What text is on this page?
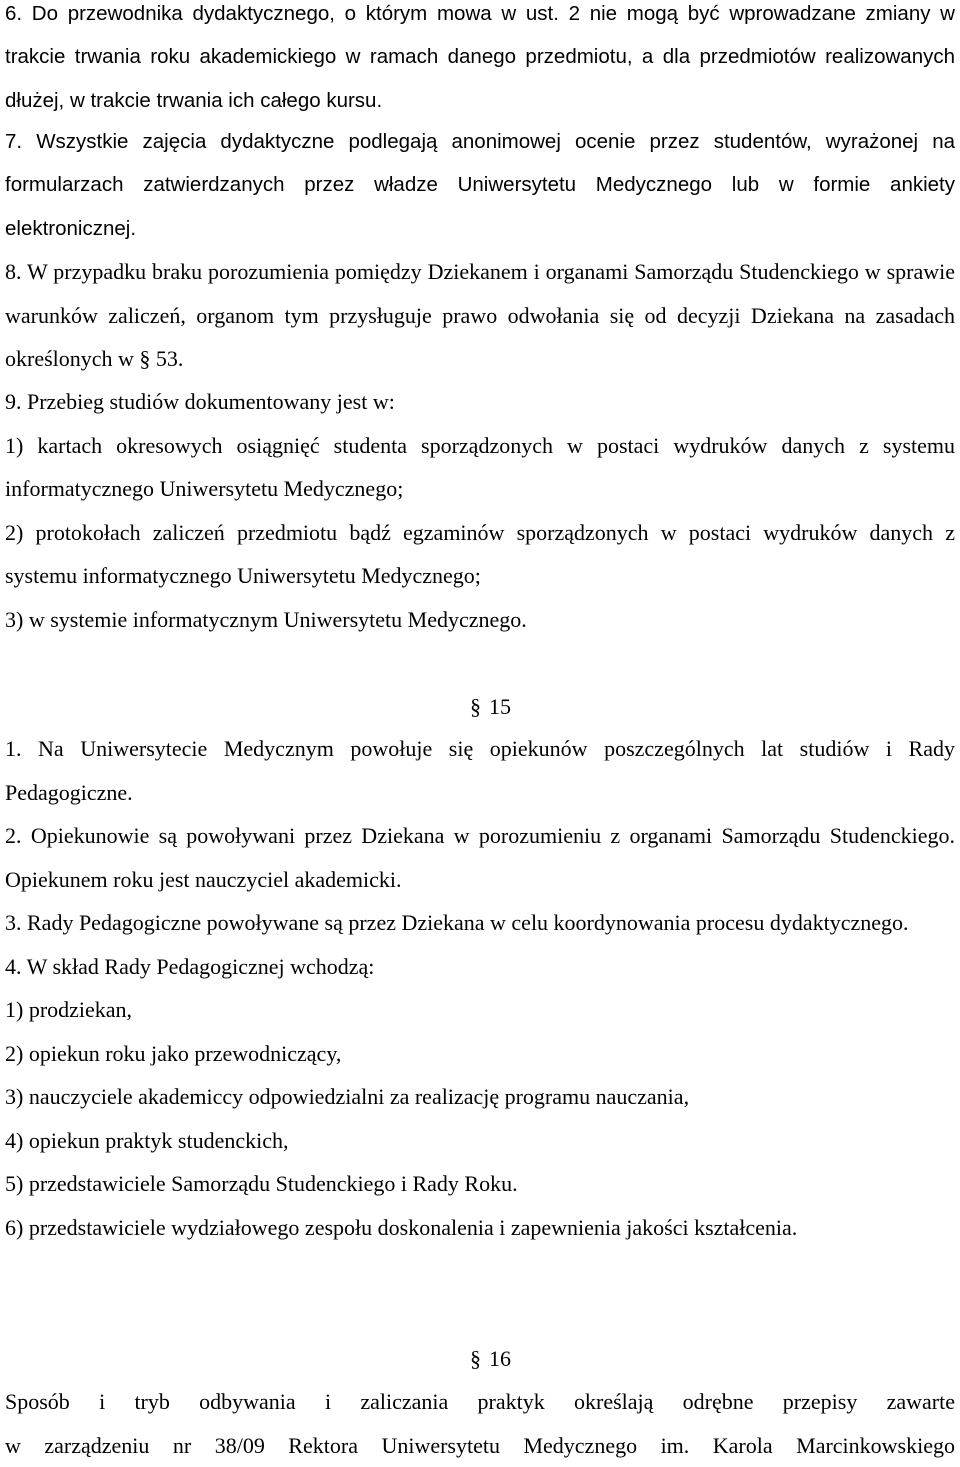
6. Do przewodnika dydaktycznego, o którym mowa w ust. 2 nie mogą być wprowadzane zmiany w trakcie trwania roku akademickiego w ramach danego przedmiotu, a dla przedmiotów realizowanych dłużej, w trakcie trwania ich całego kursu.
7. Wszystkie zajęcia dydaktyczne podlegają anonimowej ocenie przez studentów, wyrażonej na formularzach zatwierdzanych przez władze Uniwersytetu Medycznego lub w formie ankiety elektronicznej.
8. W przypadku braku porozumienia pomiędzy Dziekanem i organami Samorządu Studenckiego w sprawie warunków zaliczeń, organom tym przysługuje prawo odwołania się od decyzji Dziekana na zasadach określonych w § 53.
9. Przebieg studiów dokumentowany jest w:
1) kartach okresowych osiągnięć studenta sporządzonych w postaci wydruków danych z systemu informatycznego Uniwersytetu Medycznego;
2) protokołach zaliczeń przedmiotu bądź egzaminów sporządzonych w postaci wydruków danych z systemu informatycznego Uniwersytetu Medycznego;
3) w systemie informatycznym Uniwersytetu Medycznego.
§ 15
1. Na Uniwersytecie Medycznym powołuje się opiekunów poszczególnych lat studiów i Rady Pedagogiczne.
2. Opiekunowie są powoływani przez Dziekana w porozumieniu z organami Samorządu Studenckiego. Opiekunem roku jest nauczyciel akademicki.
3. Rady Pedagogiczne powoływane są przez Dziekana w celu koordynowania procesu dydaktycznego.
4. W skład Rady Pedagogicznej wchodzą:
1) prodziekan,
2) opiekun roku jako przewodniczący,
3) nauczyciele akademiccy odpowiedzialni za realizację programu nauczania,
4) opiekun praktyk studenckich,
5) przedstawiciele Samorządu Studenckiego i Rady Roku.
6) przedstawiciele wydziałowego zespołu doskonalenia i zapewnienia jakości kształcenia.
§ 16
Sposób i tryb odbywania i zaliczania praktyk określają odrębne przepisy zawarte
w zarządzeniu nr 38/09 Rektora Uniwersytetu Medycznego im. Karola Marcinkowskiego
